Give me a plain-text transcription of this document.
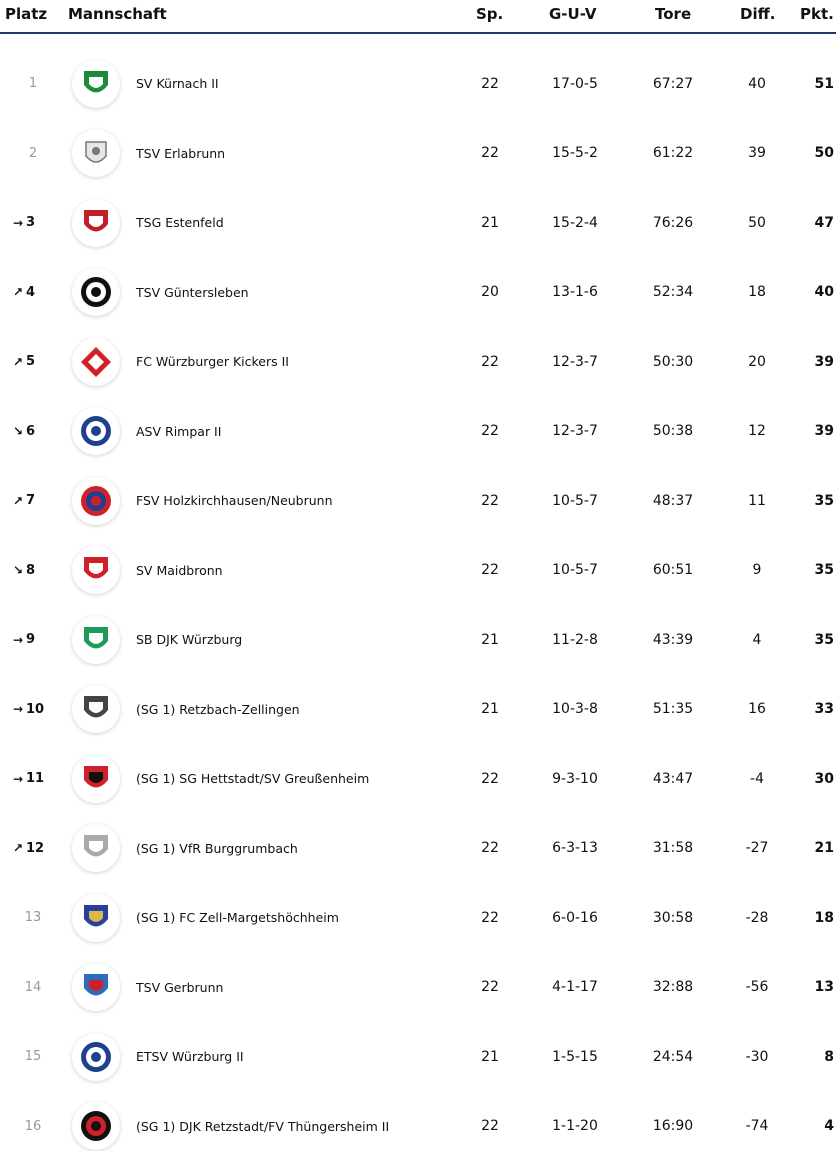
Platz Mannschaft	Sp.	G-U-V	Tore	Diff. Pkt.
1	SV Kürnach II	22	17-0-5	67:27	40	51
2	TSV Erlabrunn	22	15-5-2	61:22	39	50
→ 3	TSG Estenfeld	21	15-2-4	76:26	50	47
↗ 4	TSV Güntersleben	20	13-1-6	52:34	18	40
↗ 5	FC Würzburger Kickers II	22	12-3-7	50:30	20	39
↘ 6	ASV Rimpar II	22	12-3-7	50:38	12	39
↗ 7	FSV Holzkirchhausen/Neubrunn	22	10-5-7	48:37	11	35
↘ 8	SV Maidbronn	22	10-5-7	60:51	9	35
→ 9	SB DJK Würzburg	21	11-2-8	43:39	4	35
→ 10	(SG 1) Retzbach-Zellingen	21	10-3-8	51:35	16	33
→ 11	(SG 1) SG Hettstadt/SV Greußenheim	22	9-3-10	43:47	-4	30
↗ 12	(SG 1) VfR Burggrumbach	22	6-3-13	31:58	-27	21
13	(SG 1) FC Zell-Margetshöchheim	22	6-0-16	30:58	-28	18
14	TSV Gerbrunn	22	4-1-17	32:88	-56	13
15	ETSV Würzburg II	21	1-5-15	24:54	-30	8
16	(SG 1) DJK Retzstadt/FV Thüngersheim II	22	1-1-20	16:90	-74	4
